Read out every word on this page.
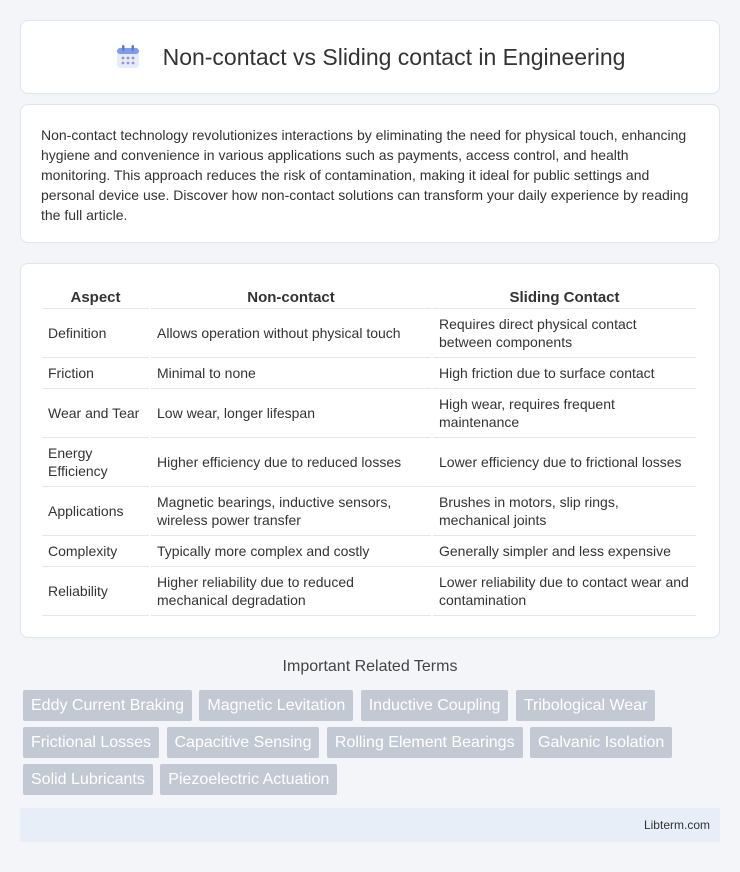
Non-contact vs Sliding contact in Engineering

Non-contact technology revolutionizes interactions by eliminating the need for physical touch, enhancing hygiene and convenience in various applications such as payments, access control, and health monitoring. This approach reduces the risk of contamination, making it ideal for public settings and personal device use. Discover how non-contact solutions can transform your daily experience by reading the full article.

Aspect	Non-contact	Sliding Contact
Definition	Allows operation without physical touch	Requires direct physical contact between components
Friction	Minimal to none	High friction due to surface contact
Wear and Tear	Low wear, longer lifespan	High wear, requires frequent maintenance
Energy Efficiency	Higher efficiency due to reduced losses	Lower efficiency due to frictional losses
Applications	Magnetic bearings, inductive sensors, wireless power transfer	Brushes in motors, slip rings, mechanical joints
Complexity	Typically more complex and costly	Generally simpler and less expensive
Reliability	Higher reliability due to reduced mechanical degradation	Lower reliability due to contact wear and contamination
Important Related Terms
Eddy Current Braking Magnetic Levitation Inductive Coupling Tribological Wear Frictional Losses Capacitive Sensing Rolling Element Bearings Galvanic Isolation Solid Lubricants Piezoelectric Actuation
Libterm.com
